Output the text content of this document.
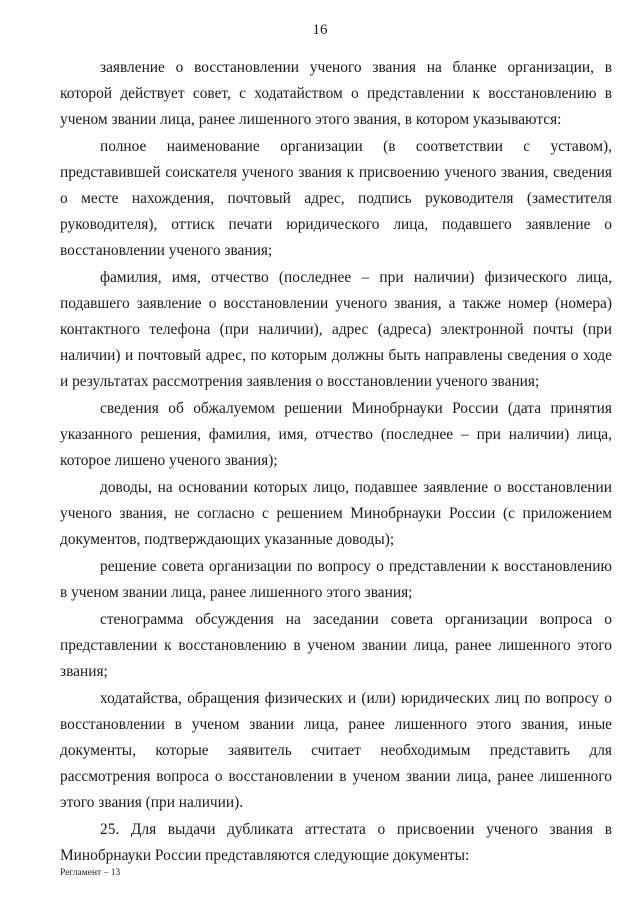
16

заявление о восстановлении ученого звания на бланке организации, в которой действует совет, с ходатайством о представлении к восстановлению в ученом звании лица, ранее лишенного этого звания, в котором указываются:

полное наименование организации (в соответствии с уставом), представившей соискателя ученого звания к присвоению ученого звания, сведения о месте нахождения, почтовый адрес, подпись руководителя (заместителя руководителя), оттиск печати юридического лица, подавшего заявление о восстановлении ученого звания;

фамилия, имя, отчество (последнее – при наличии) физического лица, подавшего заявление о восстановлении ученого звания, а также номер (номера) контактного телефона (при наличии), адрес (адреса) электронной почты (при наличии) и почтовый адрес, по которым должны быть направлены сведения о ходе и результатах рассмотрения заявления о восстановлении ученого звания;

сведения об обжалуемом решении Минобрнауки России (дата принятия указанного решения, фамилия, имя, отчество (последнее – при наличии) лица, которое лишено ученого звания);

доводы, на основании которых лицо, подавшее заявление о восстановлении ученого звания, не согласно с решением Минобрнауки России (с приложением документов, подтверждающих указанные доводы);

решение совета организации по вопросу о представлении к восстановлению в ученом звании лица, ранее лишенного этого звания;

стенограмма обсуждения на заседании совета организации вопроса о представлении к восстановлению в ученом звании лица, ранее лишенного этого звания;

ходатайства, обращения физических и (или) юридических лиц по вопросу о восстановлении в ученом звании лица, ранее лишенного этого звания, иные документы, которые заявитель считает необходимым представить для рассмотрения вопроса о восстановлении в ученом звании лица, ранее лишенного этого звания (при наличии).

25. Для выдачи дубликата аттестата о присвоении ученого звания в Минобрнауки России представляются следующие документы:

Регламент – 13
